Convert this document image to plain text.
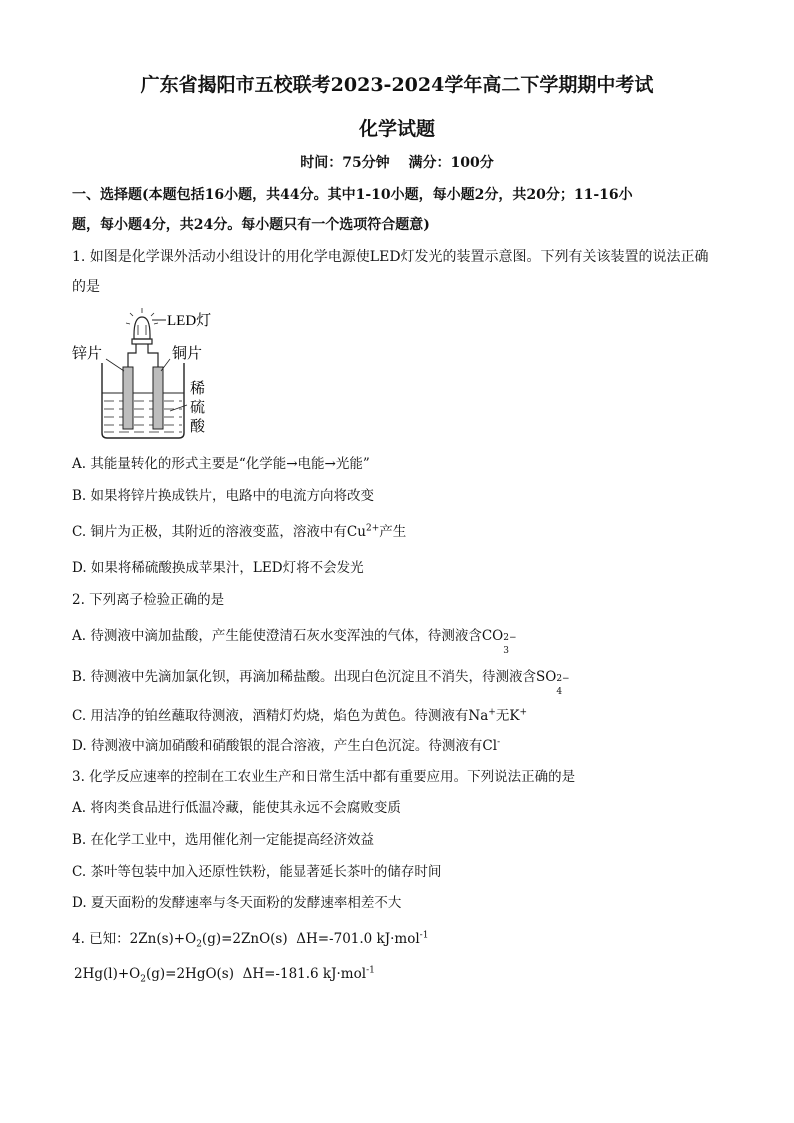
广东省揭阳市五校联考2023-2024学年高二下学期期中考试
化学试题
时间：75分钟　 满分：100分
一、选择题(本题包括16小题，共44分。其中1-10小题，每小题2分，共20分；11-16小
题，每小题4分，共24分。每小题只有一个选项符合题意)
1. 如图是化学课外活动小组设计的用化学电源使LED灯发光的装置示意图。下列有关该装置的说法正确
的是
LED灯
锌片	铜片
稀
硫
酸
A. 其能量转化的形式主要是“化学能→电能→光能”
B. 如果将锌片换成铁片，电路中的电流方向将改变
C. 铜片为正极，其附近的溶液变蓝，溶液中有$Cu^{2+}$产生
D. 如果将稀硫酸换成苹果汁，LED灯将不会发光
2. 下列离子检验正确的是
A. 待测液中滴加盐酸，产生能使澄清石灰水变浑浊的气体，待测液含CO
3
2−
B. 待测液中先滴加氯化钡，再滴加稀盐酸。出现白色沉淀且不消失，待测液含SO
4
2−
C. 用洁净的铂丝蘸取待测液，酒精灯灼烧，焰色为黄色。待测液有Na+无K+
D. 待测液中滴加硝酸和硝酸银的混合溶液，产生白色沉淀。待测液有Cl-
3. 化学反应速率的控制在工农业生产和日常生活中都有重要应用。下列说法正确的是
A. 将肉类食品进行低温冷藏，能使其永远不会腐败变质
B. 在化学工业中，选用催化剂一定能提高经济效益
C. 茶叶等包装中加入还原性铁粉，能显著延长茶叶的储存时间
D. 夏天面粉的发酵速率与冬天面粉的发酵速率相差不大
4. 已知：$2Zn(s)+O_2(g)=2ZnO(s)$ ΔH=-701.0 kJ·mol$^{-1}$
$2Hg(l)+O_2(g)=2HgO(s)$ ΔH=-181.6 kJ·mol$^{-1}$
